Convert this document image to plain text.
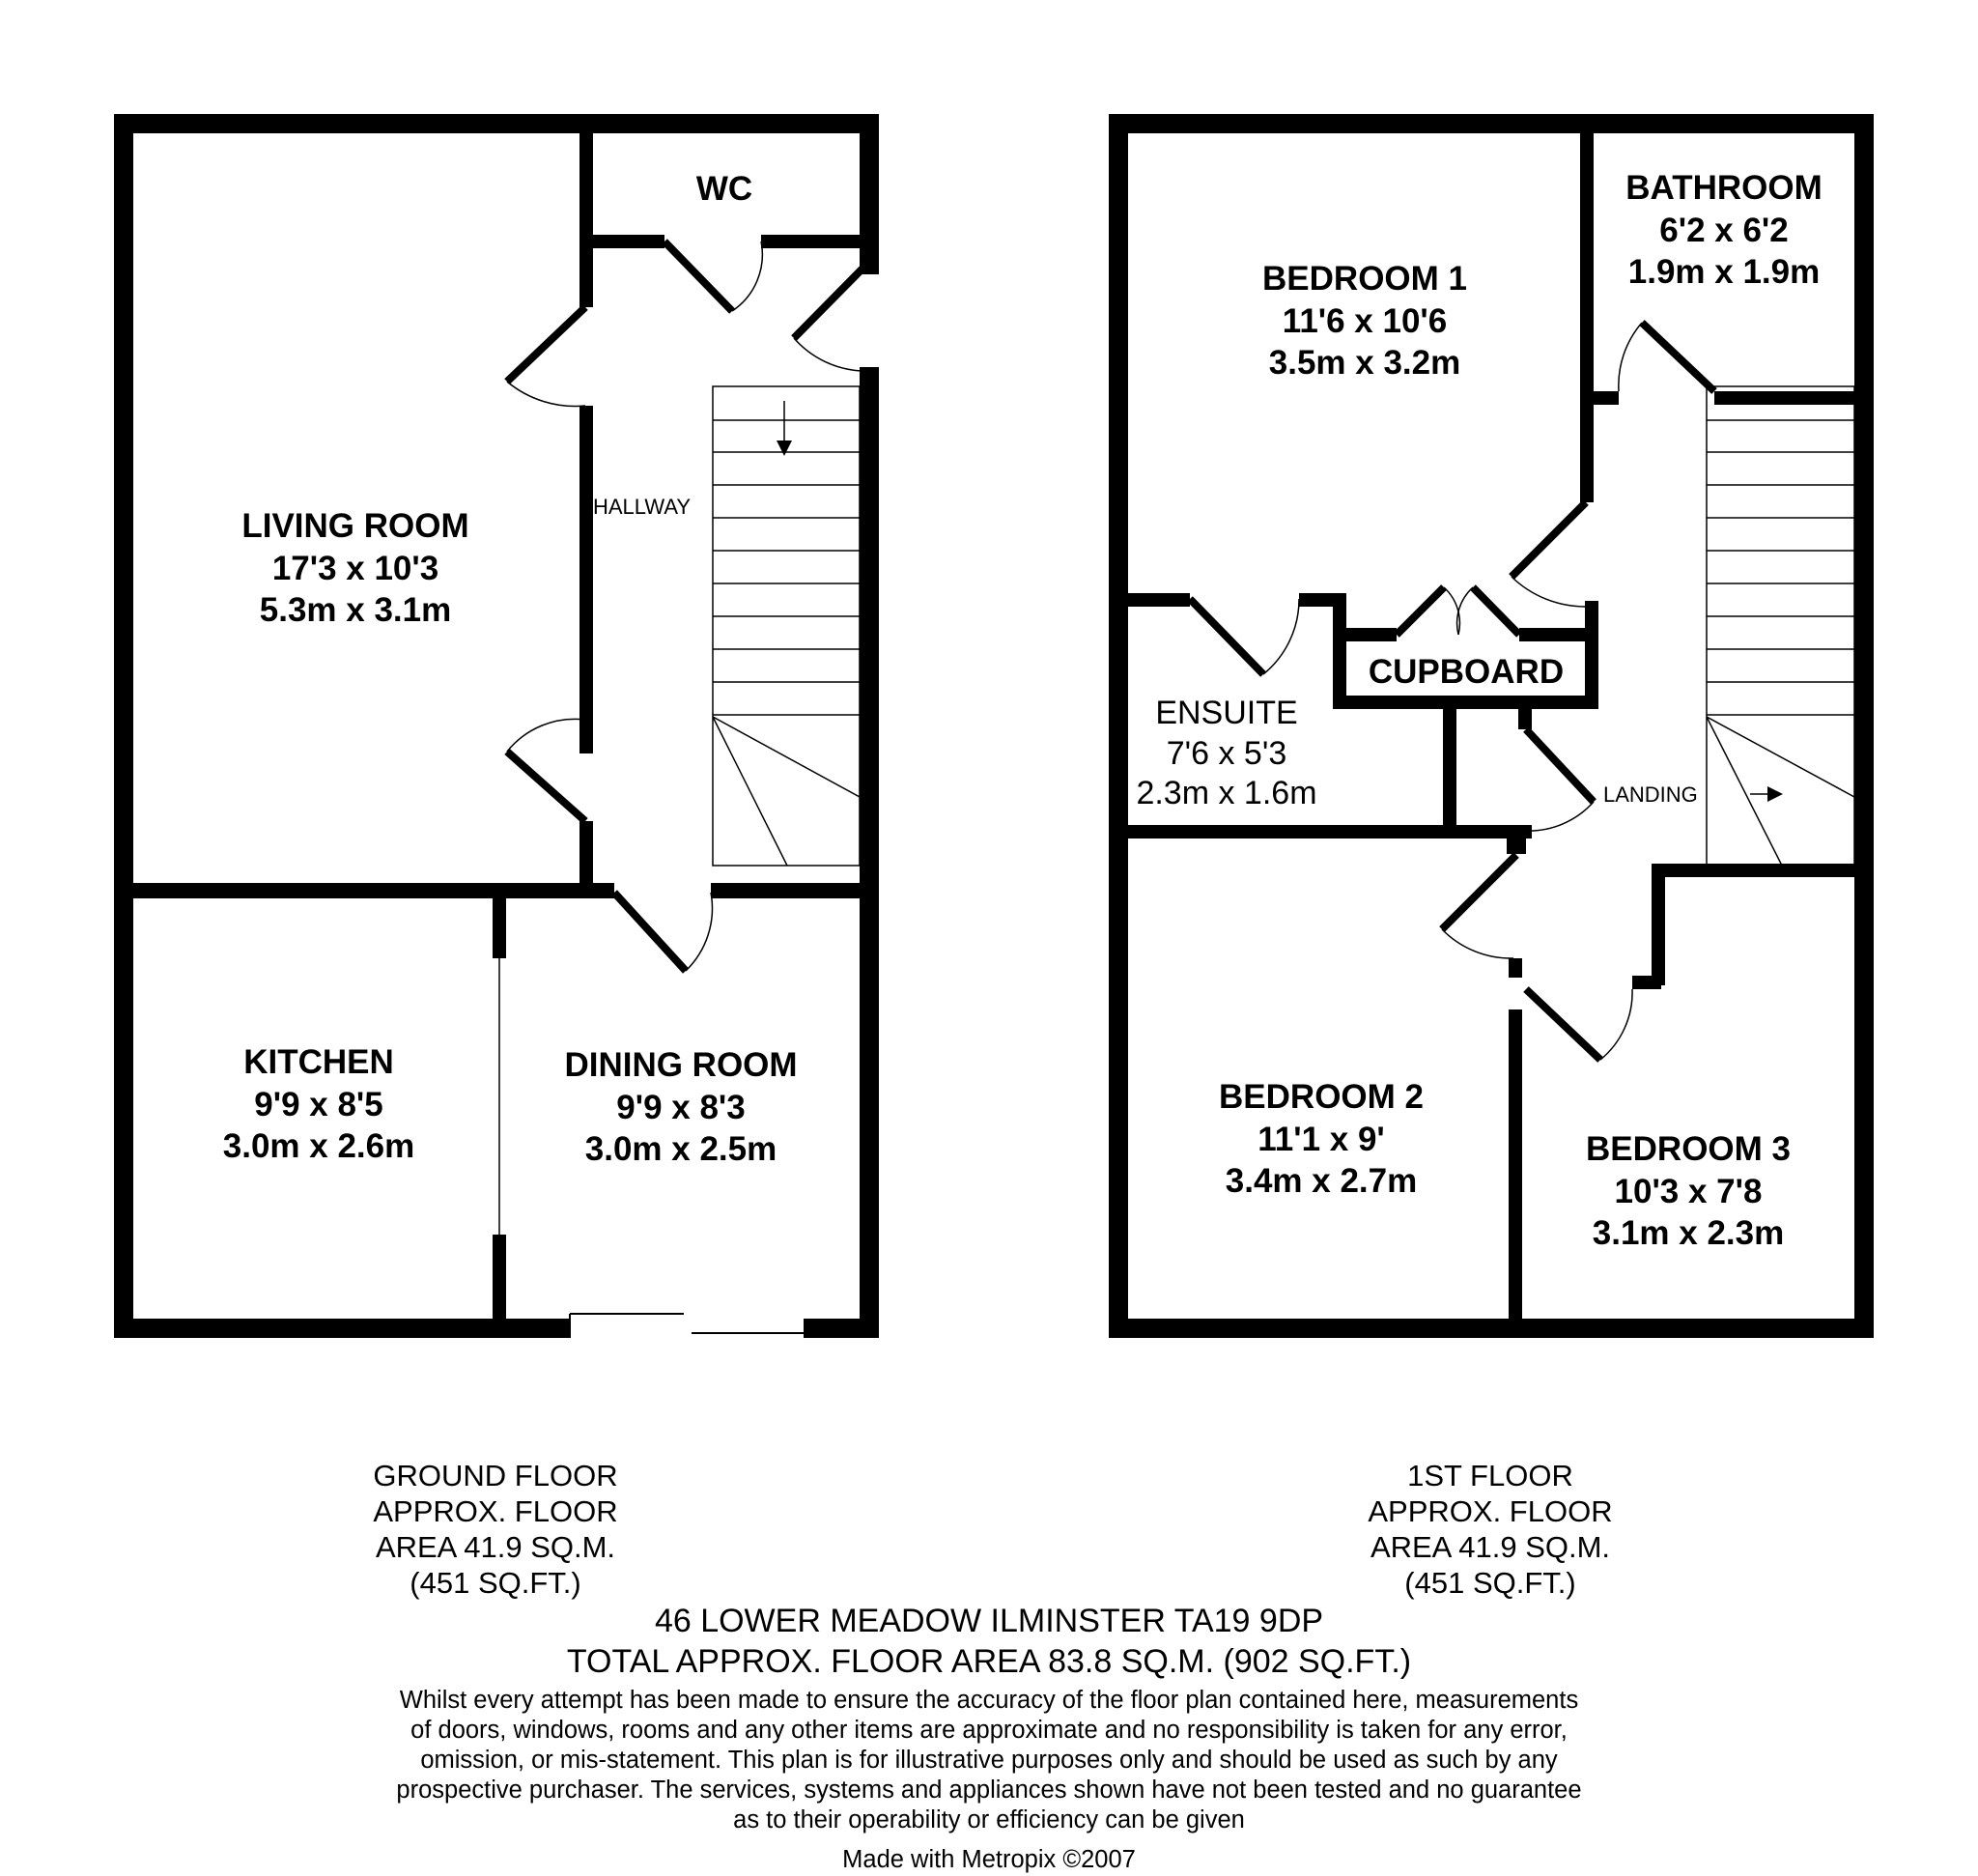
LIVING ROOM
17'3 x 10'3
5.3m x 3.1m
KITCHEN
9'9 x 8'5
3.0m x 2.6m
DINING ROOM
9'9 x 8'3
3.0m x 2.5m
WC
HALLWAY
BEDROOM 1
11'6 x 10'6
3.5m x 3.2m
BATHROOM
6'2 x 6'2
1.9m x 1.9m
BEDROOM 2
11'1 x 9'
3.4m x 2.7m
BEDROOM 3
10'3 x 7'8
3.1m x 2.3m
ENSUITE
7'6 x 5'3
2.3m x 1.6m
CUPBOARD
LANDING
GROUND FLOOR
APPROX. FLOOR
AREA 41.9 SQ.M.
(451 SQ.FT.)
1ST FLOOR
APPROX. FLOOR
AREA 41.9 SQ.M.
(451 SQ.FT.)
46 LOWER MEADOW ILMINSTER TA19 9DP
TOTAL APPROX. FLOOR AREA 83.8 SQ.M. (902 SQ.FT.)
Whilst every attempt has been made to ensure the accuracy of the floor plan contained here, measurements
of doors, windows, rooms and any other items are approximate and no responsibility is taken for any error,
omission, or mis-statement. This plan is for illustrative purposes only and should be used as such by any
prospective purchaser. The services, systems and appliances shown have not been tested and no guarantee
as to their operability or efficiency can be given
Made with Metropix ©2007
